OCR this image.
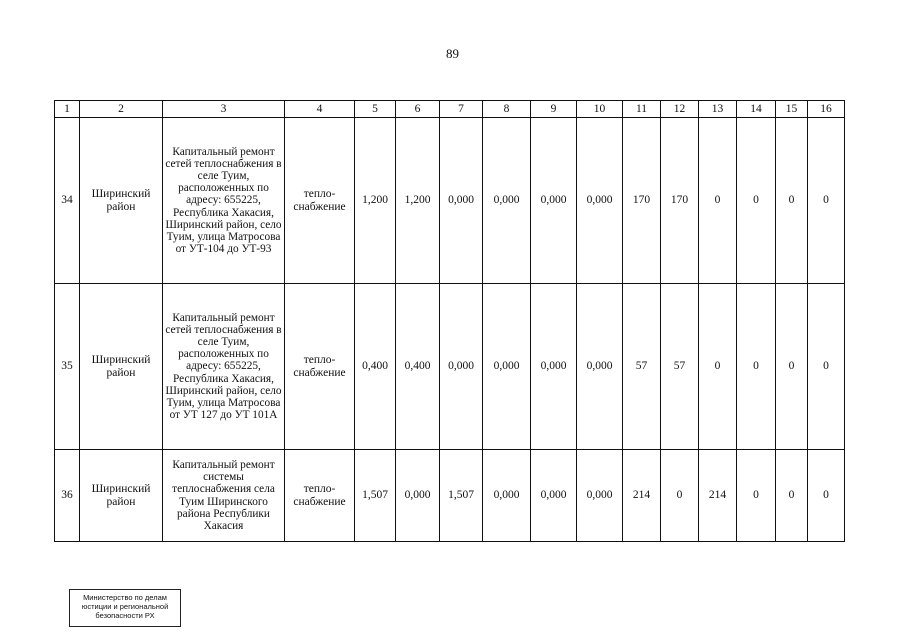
89
1	2	3	4	5	6	7	8	9	10	11	12	13	14	15	16
34	Ширинский район	Капитальный ремонт сетей теплоснабжения в селе Туим, расположенных по адресу: 655225, Республика Хакасия, Ширинский район, село Туим, улица Матросова от УТ-104 до УТ-93	тепло-снабжение	1,200	1,200	0,000	0,000	0,000	0,000	170	170	0	0	0	0
35	Ширинский район	Капитальный ремонт сетей теплоснабжения в селе Туим, расположенных по адресу: 655225, Республика Хакасия, Ширинский район, село Туим, улица Матросова от УТ 127 до УТ 101А	тепло-снабжение	0,400	0,400	0,000	0,000	0,000	0,000	57	57	0	0	0	0
36	Ширинский район	Капитальный ремонт системы теплоснабжения села Туим Ширинского района Республики Хакасия	тепло-снабжение	1,507	0,000	1,507	0,000	0,000	0,000	214	0	214	0	0	0
Министерство по делам
юстиции и региональной
безопасности РХ
